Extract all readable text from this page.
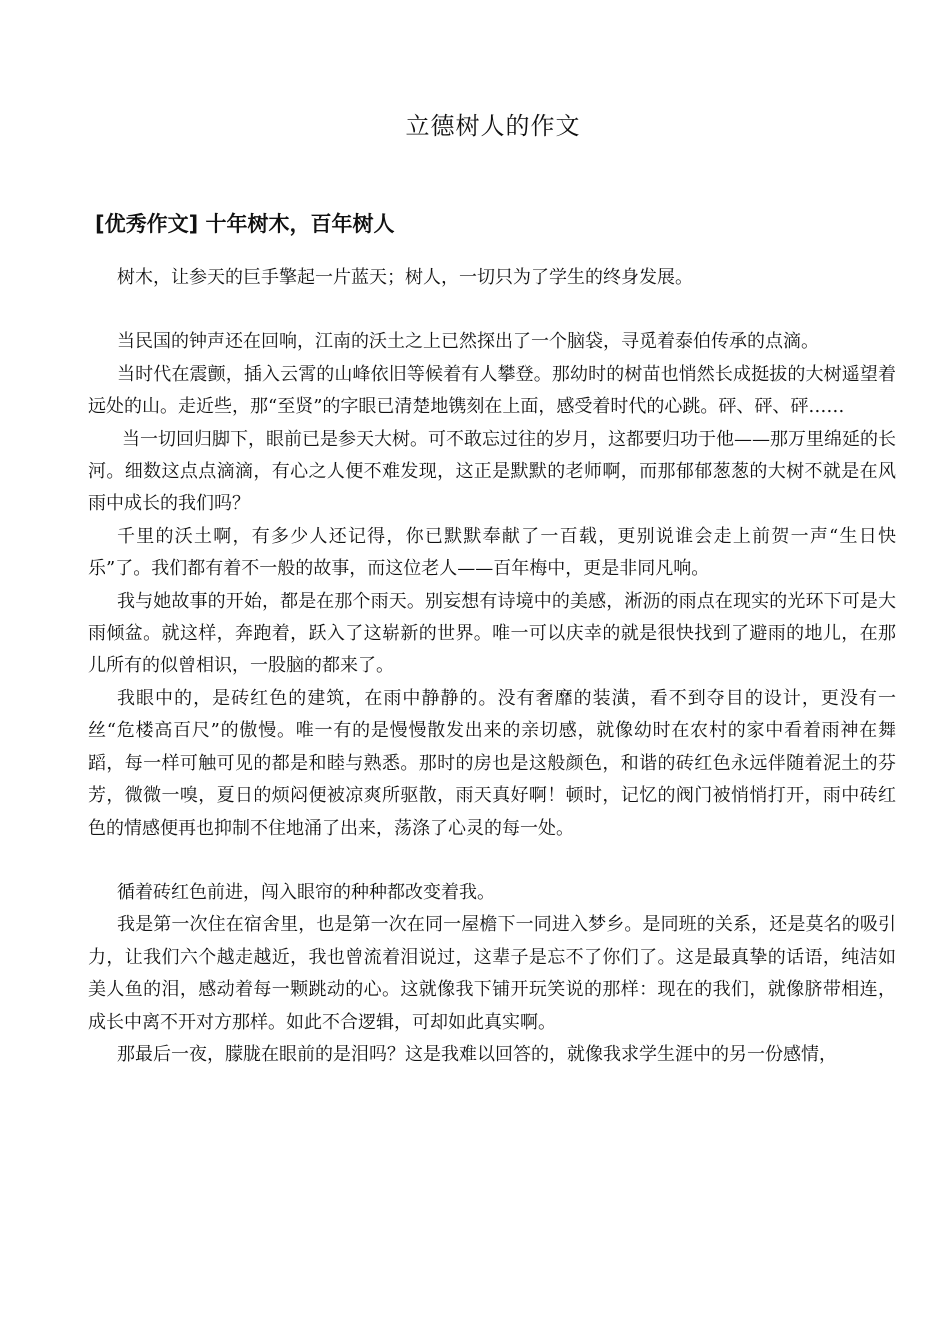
立德树人的作文
[优秀作文] 十年树木，百年树人

树木，让参天的巨手擎起一片蓝天；树人，一切只为了学生的终身发展。

当民国的钟声还在回响，江南的沃土之上已然探出了一个脑袋，寻觅着泰伯传承的点滴。

当时代在震颤，插入云霄的山峰依旧等候着有人攀登。那幼时的树苗也悄然长成挺拔的大树遥望着远处的山。走近些，那“至贤”的字眼已清楚地镌刻在上面，感受着时代的心跳。砰、砰、砰……

当一切回归脚下，眼前已是参天大树。可不敢忘过往的岁月，这都要归功于他——那万里绵延的长河。细数这点点滴滴，有心之人便不难发现，这正是默默的老师啊，而那郁郁葱葱的大树不就是在风雨中成长的我们吗？

千里的沃土啊，有多少人还记得，你已默默奉献了一百载，更别说谁会走上前贺一声“生日快乐”了。我们都有着不一般的故事，而这位老人——百年梅中，更是非同凡响。

我与她故事的开始，都是在那个雨天。别妄想有诗境中的美感，淅沥的雨点在现实的光环下可是大雨倾盆。就这样，奔跑着，跃入了这崭新的世界。唯一可以庆幸的就是很快找到了避雨的地儿，在那儿所有的似曾相识，一股脑的都来了。

我眼中的，是砖红色的建筑，在雨中静静的。没有奢靡的装潢，看不到夺目的设计，更没有一丝“危楼高百尺”的傲慢。唯一有的是慢慢散发出来的亲切感，就像幼时在农村的家中看着雨神在舞蹈，每一样可触可见的都是和睦与熟悉。那时的房也是这般颜色，和谐的砖红色永远伴随着泥土的芬芳，微微一嗅，夏日的烦闷便被凉爽所驱散，雨天真好啊！顿时，记忆的阀门被悄悄打开，雨中砖红色的情感便再也抑制不住地涌了出来，荡涤了心灵的每一处。

循着砖红色前进，闯入眼帘的种种都改变着我。

我是第一次住在宿舍里，也是第一次在同一屋檐下一同进入梦乡。是同班的关系，还是莫名的吸引力，让我们六个越走越近，我也曾流着泪说过，这辈子是忘不了你们了。这是最真挚的话语，纯洁如美人鱼的泪，感动着每一颗跳动的心。这就像我下铺开玩笑说的那样：现在的我们，就像脐带相连，成长中离不开对方那样。如此不合逻辑，可却如此真实啊。

那最后一夜，朦胧在眼前的是泪吗？这是我难以回答的，就像我求学生涯中的另一份感情，
